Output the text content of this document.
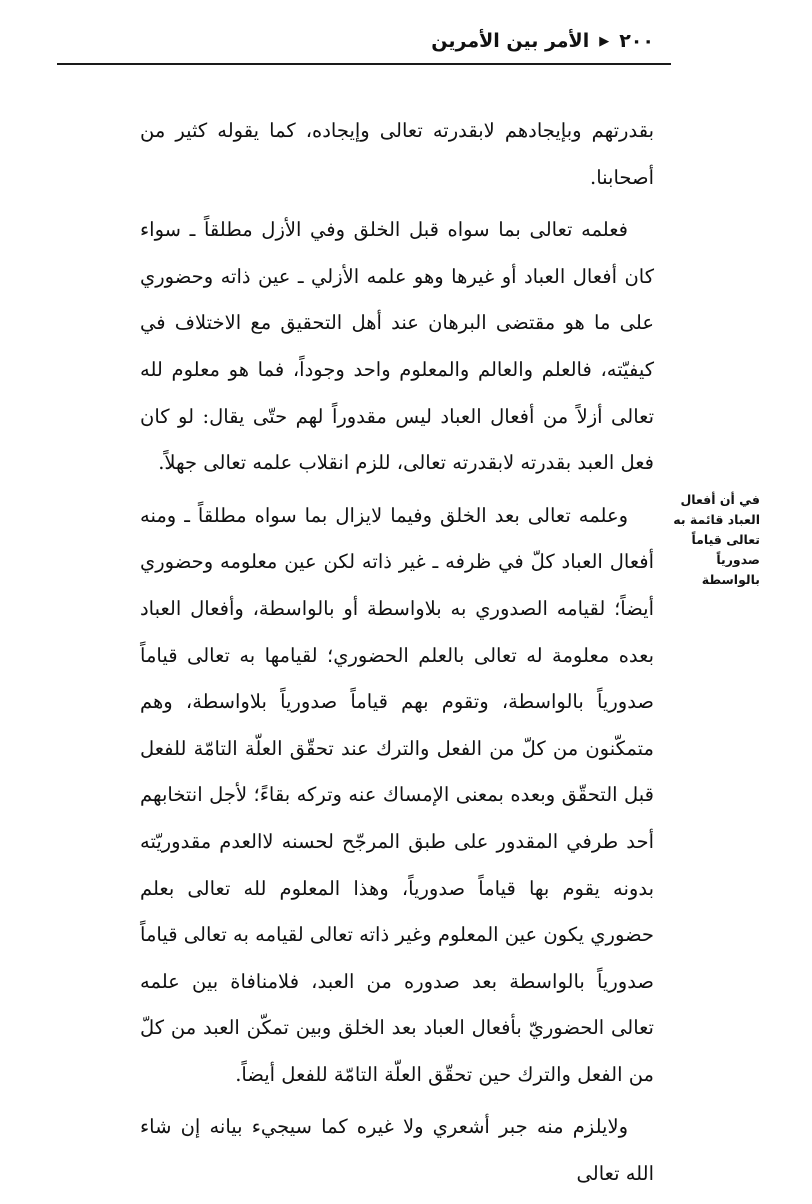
٢٠٠
▶
الأمر بين الأمرين
في أن أفعال العباد قائمة به تعالى قياماً صدورياً بالواسطة

بقدرتهم وبإيجادهم لابقدرته تعالى وإيجاده، كما يقوله كثير من أصحابنا.

فعلمه تعالى بما سواه قبل الخلق وفي الأزل مطلقاً ـ سواء كان أفعال العباد أو غيرها وهو علمه الأزلي ـ عين ذاته وحضوري على ما هو مقتضى البرهان عند أهل التحقيق مع الاختلاف في كيفيّته، فالعلم والعالم والمعلوم واحد وجوداً، فما هو معلوم لله تعالى أزلاً من أفعال العباد ليس مقدوراً لهم حتّى يقال: لو كان فعل العبد بقدرته لابقدرته تعالى، للزم انقلاب علمه تعالى جهلاً.

وعلمه تعالى بعد الخلق وفيما لايزال بما سواه مطلقاً ـ ومنه أفعال العباد كلّ في ظرفه ـ غير ذاته لكن عين معلومه وحضوري أيضاً؛ لقيامه الصدوري به بلاواسطة أو بالواسطة، وأفعال العباد بعده معلومة له تعالى بالعلم الحضوري؛ لقيامها به تعالى قياماً صدورياً بالواسطة، وتقوم بهم قياماً صدورياً بلاواسطة، وهم متمكّنون من كلّ من الفعل والترك عند تحقّق العلّة التامّة للفعل قبل التحقّق وبعده بمعنى الإمساك عنه وتركه بقاءً؛ لأجل انتخابهم أحد طرفي المقدور على طبق المرجّح لحسنه لاالعدم مقدوريّته بدونه يقوم بها قياماً صدورياً، وهذا المعلوم لله تعالى بعلم حضوري يكون عين المعلوم وغير ذاته تعالى لقيامه به تعالى قياماً صدورياً بالواسطة بعد صدوره من العبد، فلامنافاة بين علمه تعالى الحضوريّ بأفعال العباد بعد الخلق وبين تمكّن العبد من كلّ من الفعل والترك حين تحقّق العلّة التامّة للفعل أيضاً.

ولايلزم منه جبر أشعري ولا غيره كما سيجيء بيانه إن شاء الله تعالى
